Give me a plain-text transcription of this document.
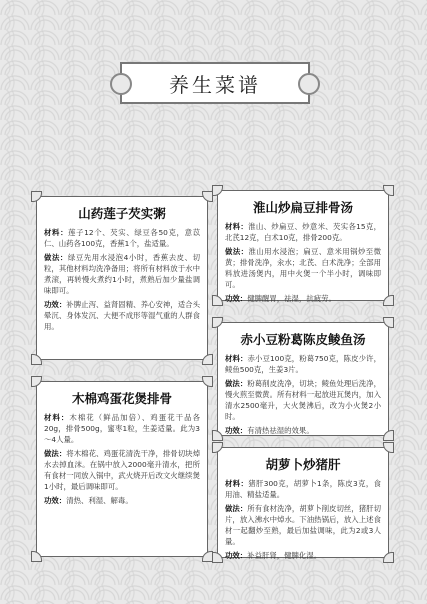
养生菜谱
山药莲子芡实粥

材料：莲子12个、芡实、绿豆各50克，意苡仁、山药各100克，香蕉1个，盐适量。

做法：绿豆先用水浸泡4小时，香蕉去皮、切粒，其他材料均洗净备用；将所有材料放于水中煮滚，再转慢火煮约1小时，煮熟后加少量盐调味即可。

功效：补脾止泻、益肾固精、养心安神，适合头晕沉、身体发沉、大便不成形等湿气重的人群食用。

木棉鸡蛋花煲排骨

材料：木棉花（鲜品加倍）、鸡蛋花干品各20g，排骨500g，蜜枣1粒，生姜适量。此为3～4人量。

做法：将木棉花、鸡蛋花清洗干净，排骨切块焯水去掉血沫。在锅中放入2000毫升清水，把所有食材一同放入锅中，武火烧开后改文火继续煲1小时，最后调味即可。

功效：清热、利湿、解毒。

淮山炒扁豆排骨汤

材料：淮山、炒扁豆、炒意米、芡实各15克，北芪12克，白术10克，排骨200克。

做法：淮山用水浸泡；扁豆、意米用锅炒至微黄；排骨洗净，汆水；北芪、白术洗净；全部用料放进汤煲内，用中火煲一个半小时，调味即可。

功效：健脾醒胃，祛湿，抗疲劳。

赤小豆粉葛陈皮鲮鱼汤

材料：赤小豆100克，粉葛750克，陈皮少许，鲮鱼500克，生姜3片。

做法：粉葛削皮洗净，切块；鲮鱼处理后洗净，慢火煎至微黄。所有材料一起放进瓦煲内，加入清水2500毫升，大火煲沸后，改为小火煲2小时。

功效：有清热祛湿的效果。

胡萝卜炒猪肝

材料：猪肝300克，胡萝卜1条，陈皮3克，食用油、精盐适量。

做法：所有食材洗净，胡萝卜削皮切丝，猪肝切片，放入沸水中焯水。下油热锅后，放入上述食材一起翻炒至熟，最后加盐调味，此为2或3人量。

功效：补益肝肾，健脾化湿。
